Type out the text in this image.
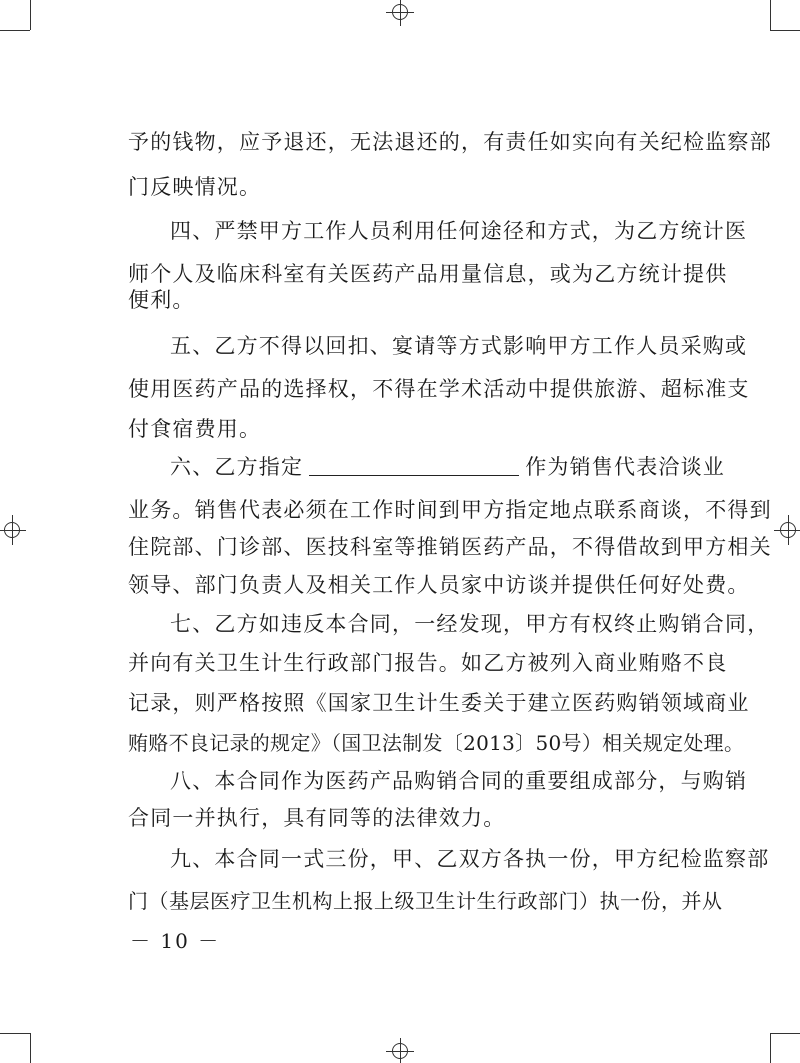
予的钱物，应予退还，无法退还的，有责任如实向有关纪检监察部
门反映情况。
四、严禁甲方工作人员利用任何途径和方式，为乙方统计医
师个人及临床科室有关医药产品用量信息，或为乙方统计提供
便利。
五、乙方不得以回扣、宴请等方式影响甲方工作人员采购或
使用医药产品的选择权，不得在学术活动中提供旅游、超标准支
付食宿费用。
六、乙方指定	作为销售代表洽谈业
业务。销售代表必须在工作时间到甲方指定地点联系商谈，不得到
住院部、门诊部、医技科室等推销医药产品，不得借故到甲方相关
领导、部门负责人及相关工作人员家中访谈并提供任何好处费。
七、乙方如违反本合同，一经发现，甲方有权终止购销合同，
并向有关卫生计生行政部门报告。如乙方被列入商业贿赂不良
记录，则严格按照《国家卫生计生委关于建立医药购销领域商业
贿赂不良记录的规定》（国卫法制发〔2013〕50号）相关规定处理。
八、本合同作为医药产品购销合同的重要组成部分，与购销
合同一并执行，具有同等的法律效力。
九、本合同一式三份，甲、乙双方各执一份，甲方纪检监察部
门（基层医疗卫生机构上报上级卫生计生行政部门）执一份，并从
－ 10 －
